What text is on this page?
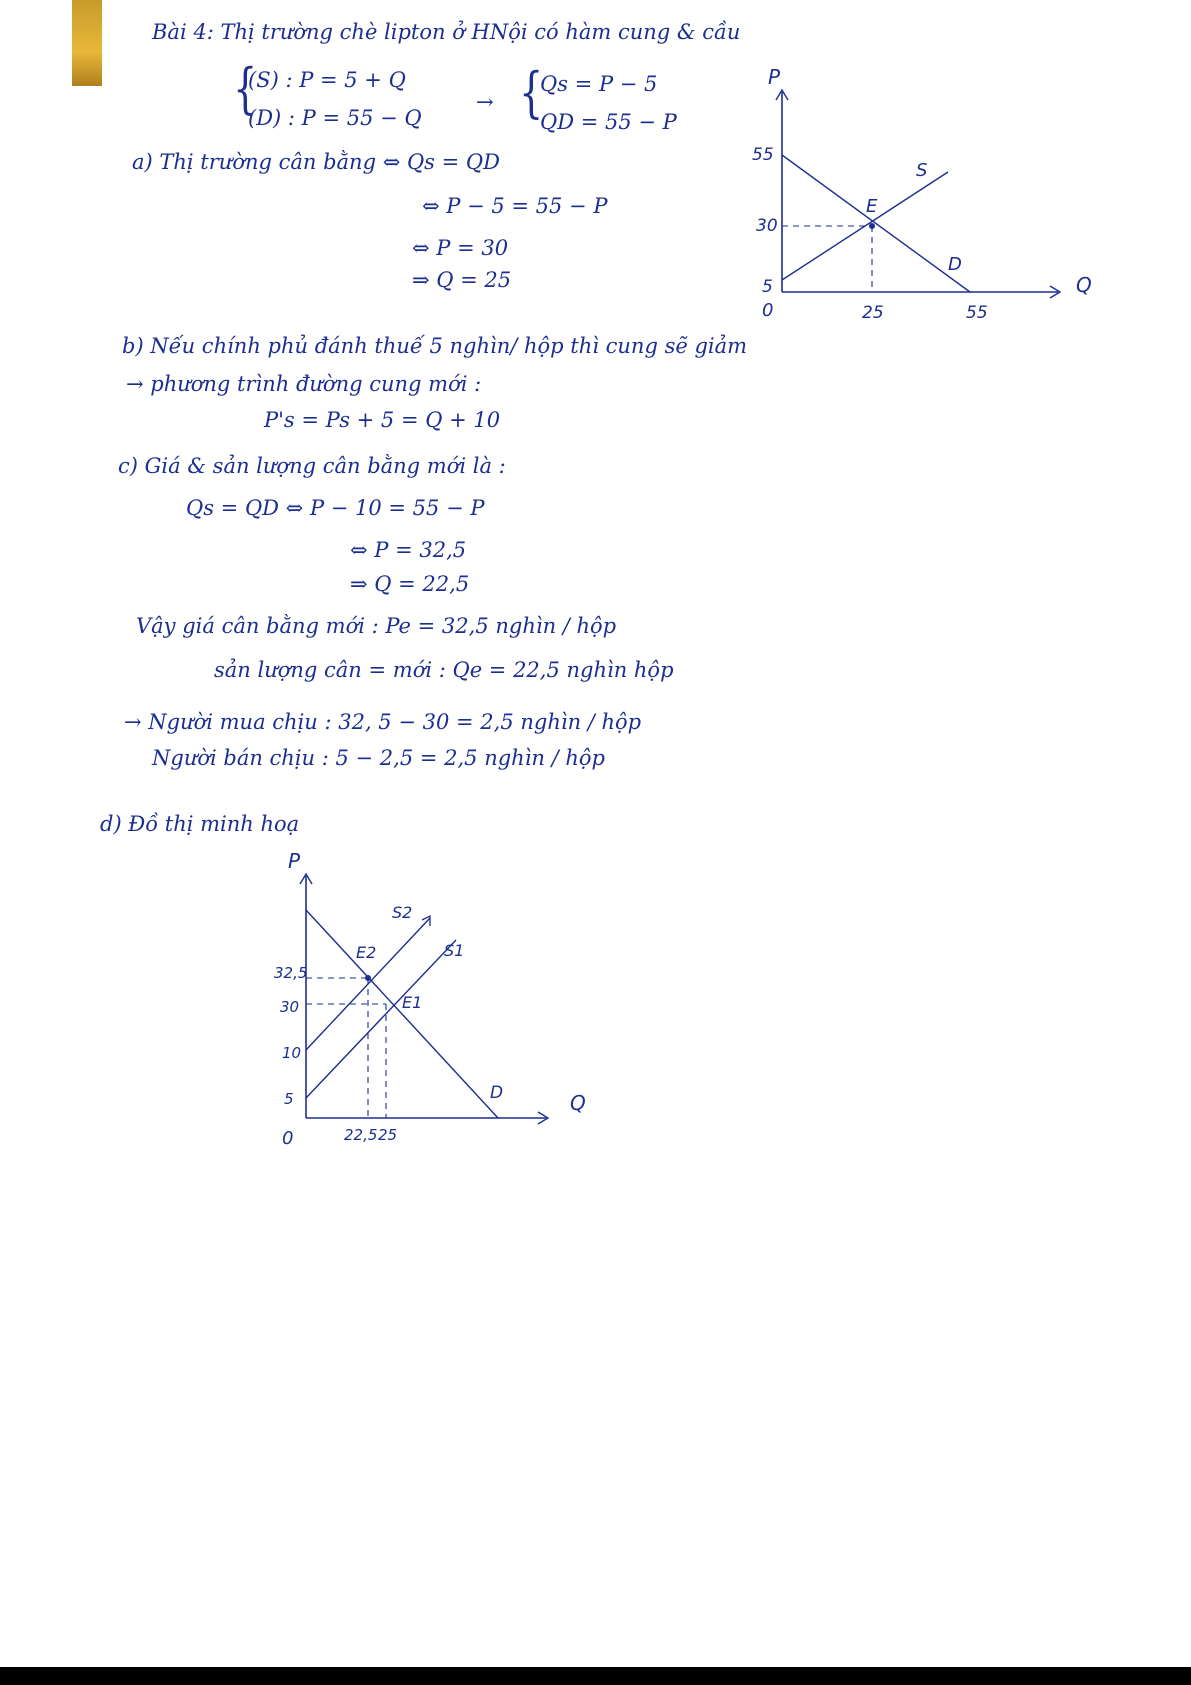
Bài 4: Thị trường chè lipton ở HNội có hàm cung & cầu
{
(S) : P = 5 + Q
(D) : P = 55 − Q
→ {
Qs = P − 5
QD = 55 − P
a) Thị trường cân bằng ⇔ Qs = QD
⇔ P − 5 = 55 − P
⇔ P = 30
⇒ Q = 25
P
Q
0
55
30
5
25	55
S
D
E
b) Nếu chính phủ đánh thuế 5 nghìn/ hộp thì cung sẽ giảm
→ phương trình đường cung mới :
P's = Ps + 5 = Q + 10
c) Giá & sản lượng cân bằng mới là :
Qs = QD ⇔ P − 10 = 55 − P
⇔ P = 32,5
⇒ Q = 22,5
Vậy giá cân bằng mới : Pe = 32,5 nghìn / hộp
sản lượng cân = mới : Qe = 22,5 nghìn hộp
→ Người mua chịu : 32, 5 − 30 = 2,5 nghìn / hộp
Người bán chịu : 5 − 2,5 = 2,5 nghìn / hộp
d) Đồ thị minh hoạ
P
Q
0
32,5
30
10
5
22,5 25
S2
S1
D
E2
E1
